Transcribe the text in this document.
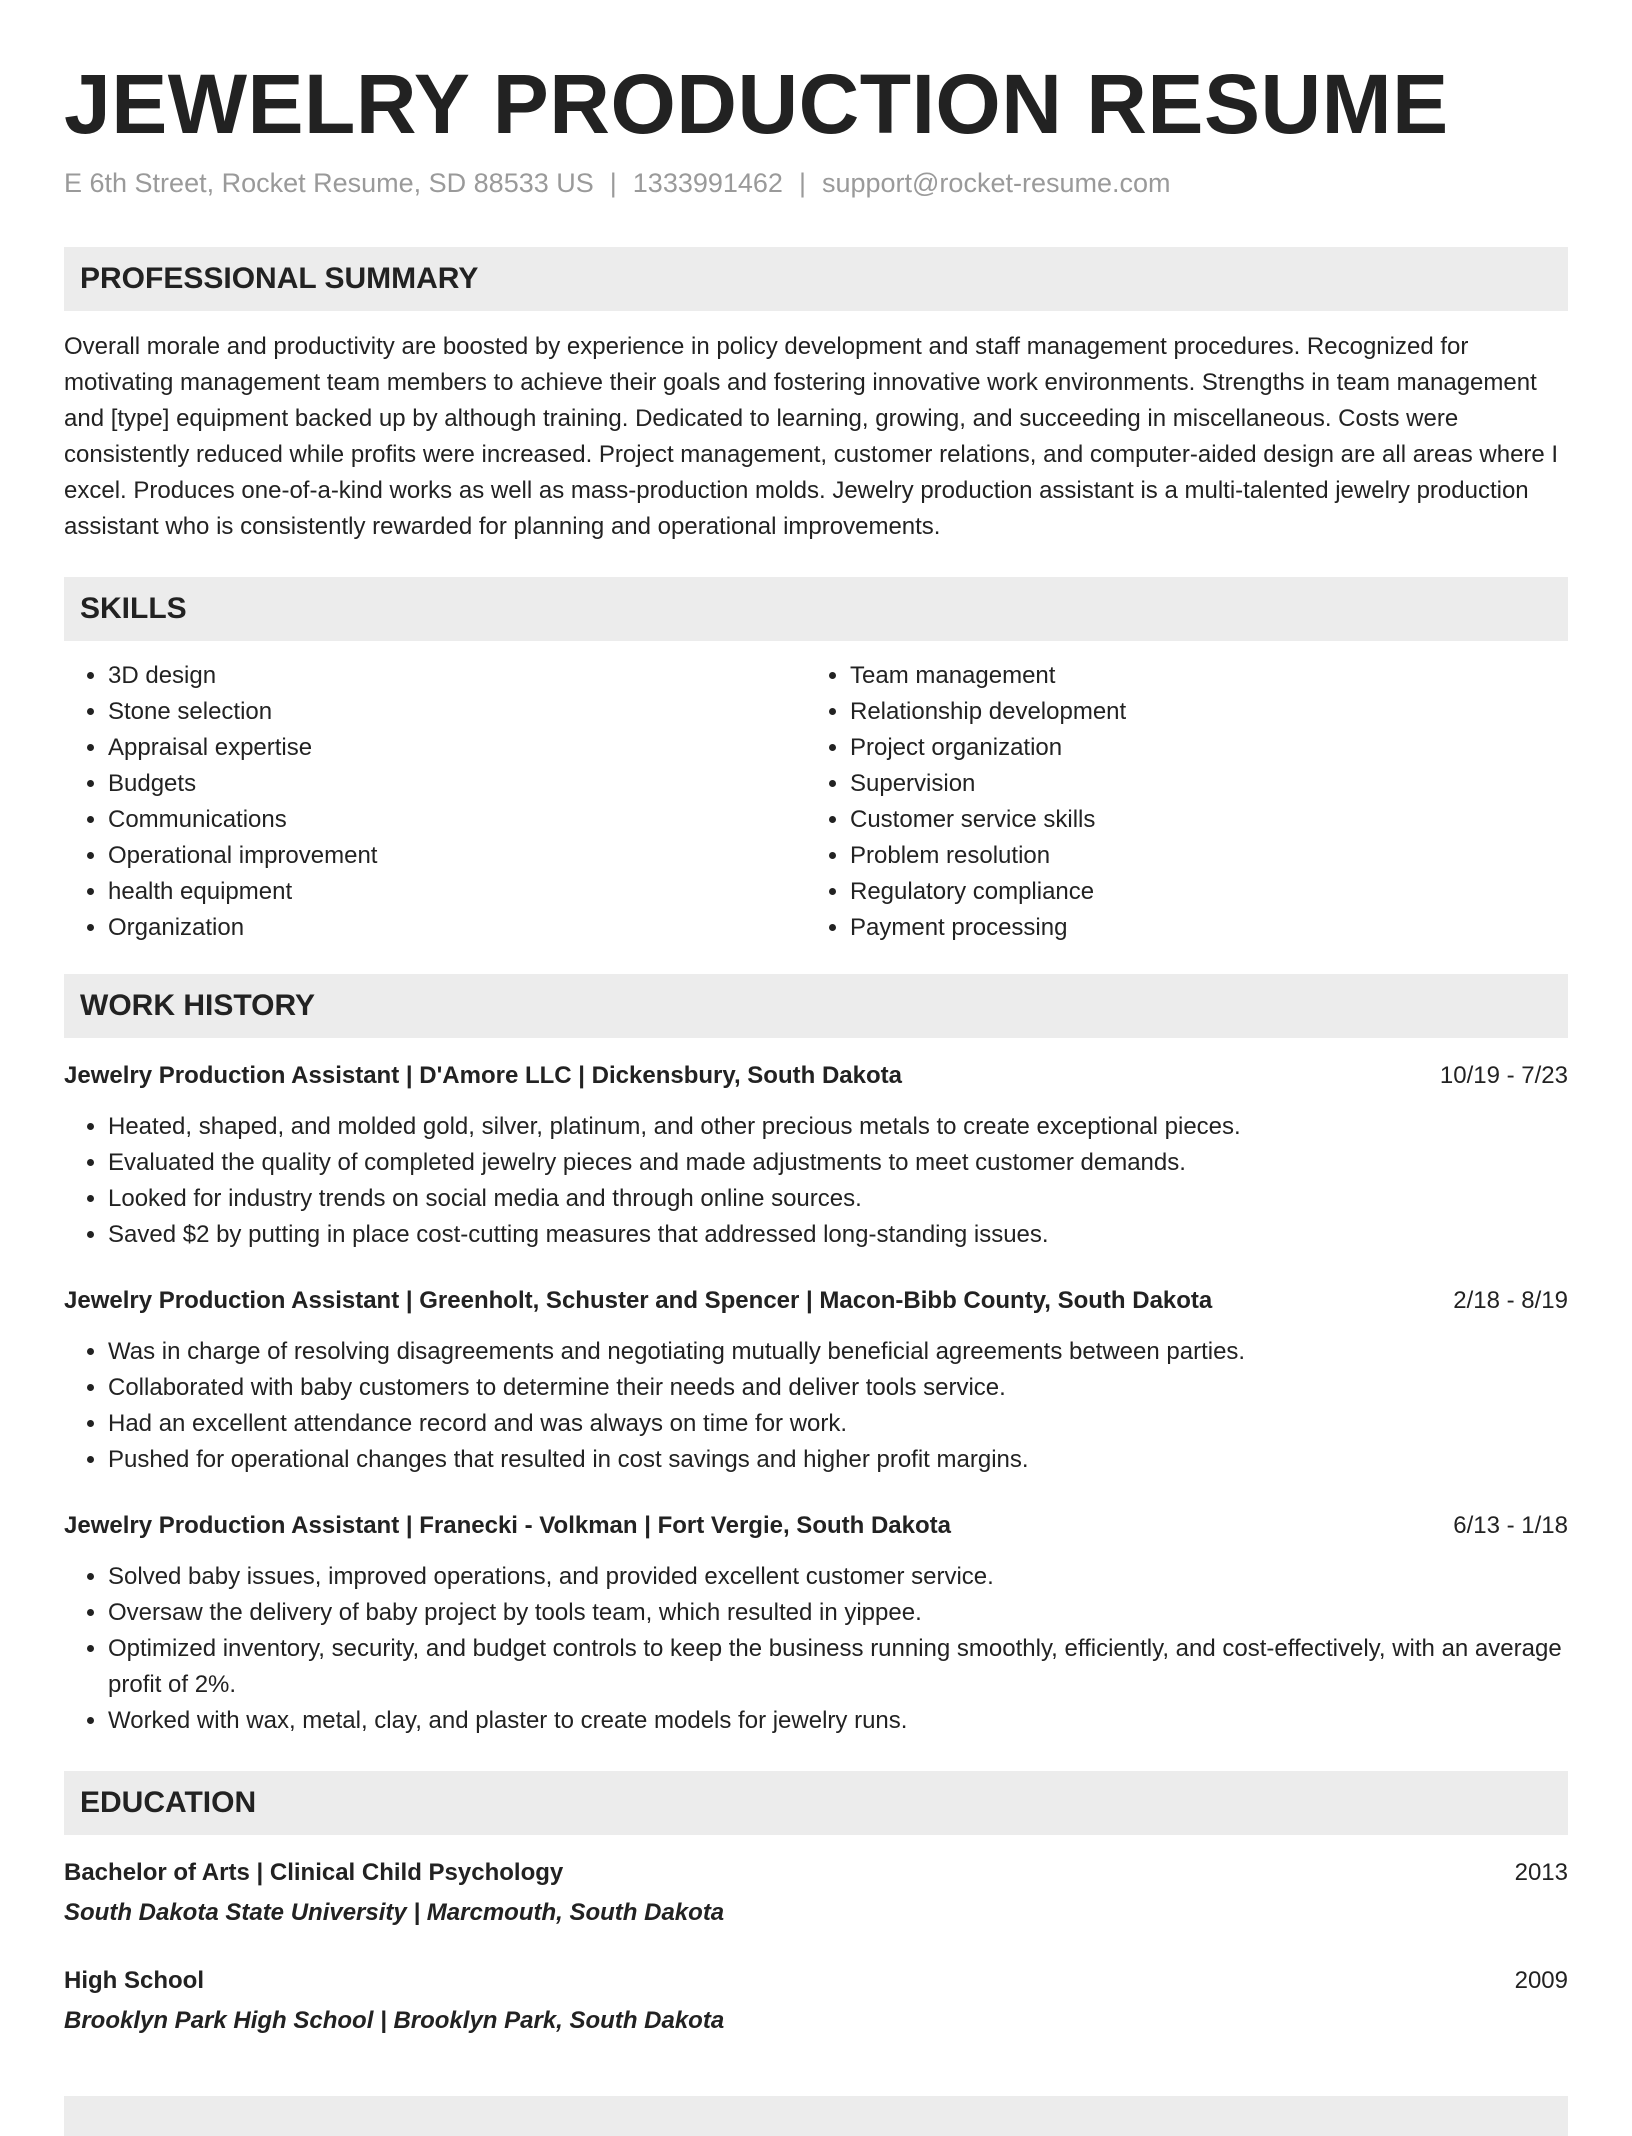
JEWELRY PRODUCTION RESUME
E 6th Street, Rocket Resume, SD 88533 US | 1333991462 | support@rocket-resume.com
PROFESSIONAL SUMMARY

Overall morale and productivity are boosted by experience in policy development and staff management procedures. Recognized for motivating management team members to achieve their goals and fostering innovative work environments. Strengths in team management and [type] equipment backed up by although training. Dedicated to learning, growing, and succeeding in miscellaneous. Costs were consistently reduced while profits were increased. Project management, customer relations, and computer-aided design are all areas where I excel. Produces one-of-a-kind works as well as mass-production molds. Jewelry production assistant is a multi-talented jewelry production assistant who is consistently rewarded for planning and operational improvements.

SKILLS
• 3D design
• Stone selection
• Appraisal expertise
• Budgets
• Communications
• Operational improvement
• health equipment
• Organization
• Team management
• Relationship development
• Project organization
• Supervision
• Customer service skills
• Problem resolution
• Regulatory compliance
• Payment processing
WORK HISTORY
Jewelry Production Assistant | D'Amore LLC | Dickensbury, South Dakota	10/19 - 7/23
• Heated, shaped, and molded gold, silver, platinum, and other precious metals to create exceptional pieces.
• Evaluated the quality of completed jewelry pieces and made adjustments to meet customer demands.
• Looked for industry trends on social media and through online sources.
• Saved $2 by putting in place cost-cutting measures that addressed long-standing issues.
Jewelry Production Assistant | Greenholt, Schuster and Spencer | Macon-Bibb County, South Dakota	2/18 - 8/19
• Was in charge of resolving disagreements and negotiating mutually beneficial agreements between parties.
• Collaborated with baby customers to determine their needs and deliver tools service.
• Had an excellent attendance record and was always on time for work.
• Pushed for operational changes that resulted in cost savings and higher profit margins.
Jewelry Production Assistant | Franecki - Volkman | Fort Vergie, South Dakota	6/13 - 1/18
• Solved baby issues, improved operations, and provided excellent customer service.
• Oversaw the delivery of baby project by tools team, which resulted in yippee.
• Optimized inventory, security, and budget controls to keep the business running smoothly, efficiently, and cost-effectively, with an average profit of 2%.
• Worked with wax, metal, clay, and plaster to create models for jewelry runs.
EDUCATION
Bachelor of Arts | Clinical Child Psychology	2013
South Dakota State University | Marcmouth, South Dakota
High School	2009
Brooklyn Park High School | Brooklyn Park, South Dakota
